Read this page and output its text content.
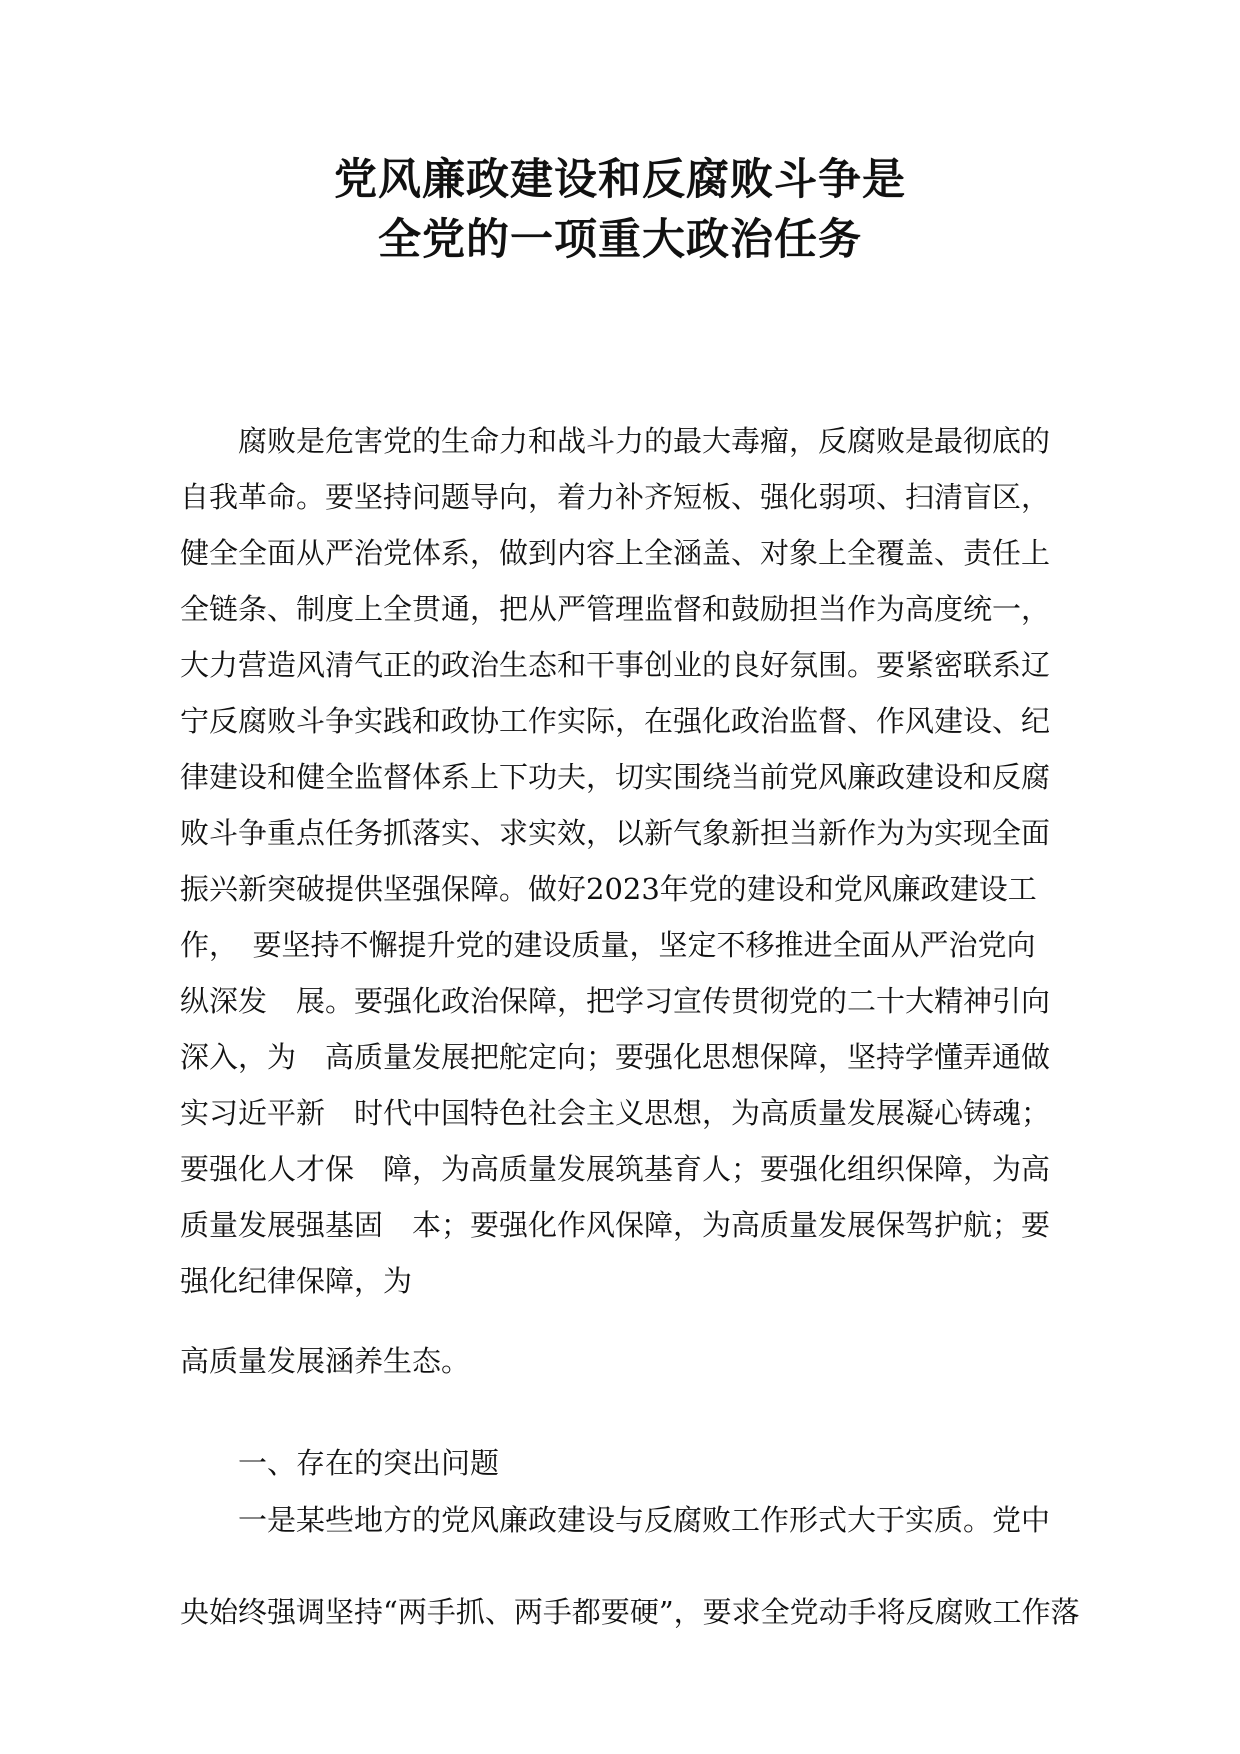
党风廉政建设和反腐败斗争是
全党的一项重大政治任务

　　腐败是危害党的生命力和战斗力的最大毒瘤，反腐败是最彻底的

自我革命。要坚持问题导向，着力补齐短板、强化弱项、扫清盲区，

健全全面从严治党体系，做到内容上全涵盖、对象上全覆盖、责任上

全链条、制度上全贯通，把从严管理监督和鼓励担当作为高度统一，

大力营造风清气正的政治生态和干事创业的良好氛围。要紧密联系辽

宁反腐败斗争实践和政协工作实际，在强化政治监督、作风建设、纪

律建设和健全监督体系上下功夫，切实围绕当前党风廉政建设和反腐

败斗争重点任务抓落实、求实效，以新气象新担当新作为为实现全面

振兴新突破提供坚强保障。做好2023年党的建设和党风廉政建设工

作，　要坚持不懈提升党的建设质量，坚定不移推进全面从严治党向

纵深发　展。要强化政治保障，把学习宣传贯彻党的二十大精神引向

深入，为　高质量发展把舵定向；要强化思想保障，坚持学懂弄通做

实习近平新　时代中国特色社会主义思想，为高质量发展凝心铸魂；

要强化人才保　障，为高质量发展筑基育人；要强化组织保障，为高

质量发展强基固　本；要强化作风保障，为高质量发展保驾护航；要

强化纪律保障，为

高质量发展涵养生态。

　　一、存在的突出问题

　　一是某些地方的党风廉政建设与反腐败工作形式大于实质。党中

央始终强调坚持“两手抓、两手都要硬”，要求全党动手将反腐败工作落
